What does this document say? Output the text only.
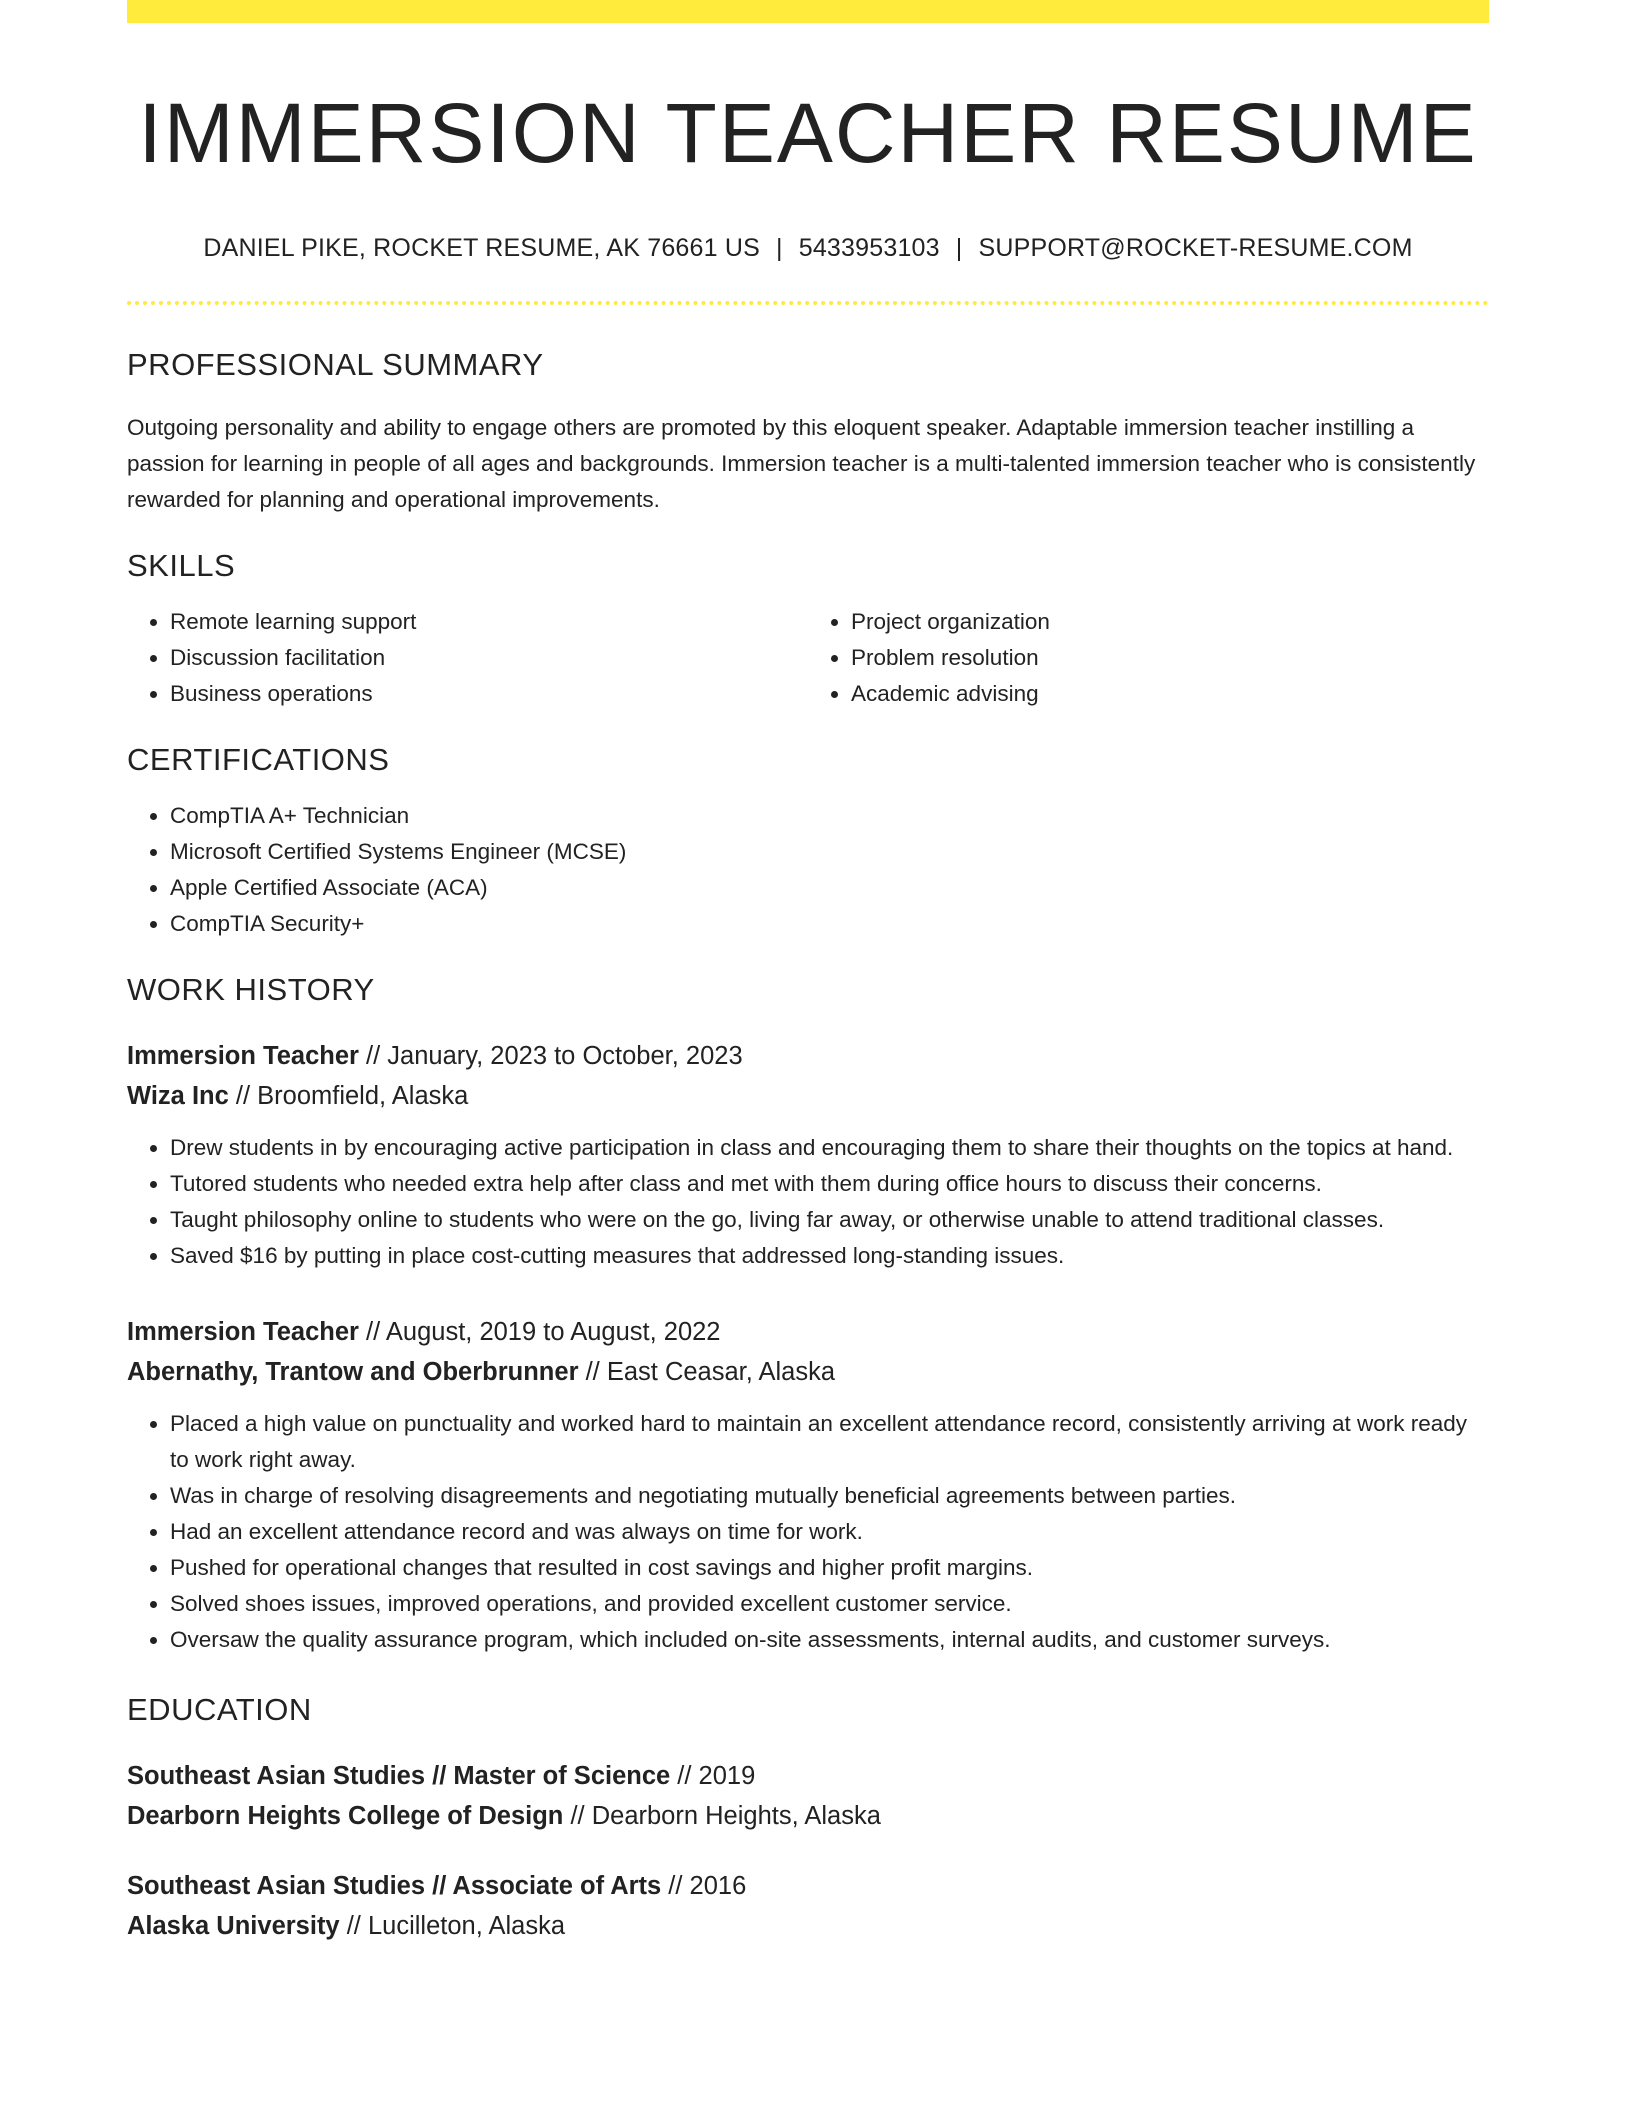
IMMERSION TEACHER RESUME
DANIEL PIKE, ROCKET RESUME, AK 76661 US | 5433953103 | SUPPORT@ROCKET-RESUME.COM
PROFESSIONAL SUMMARY
Outgoing personality and ability to engage others are promoted by this eloquent speaker. Adaptable immersion teacher instilling a passion for learning in people of all ages and backgrounds. Immersion teacher is a multi-talented immersion teacher who is consistently rewarded for planning and operational improvements.
SKILLS
• Remote learning support
• Discussion facilitation
• Business operations
• Project organization
• Problem resolution
• Academic advising
CERTIFICATIONS
• CompTIA A+ Technician
• Microsoft Certified Systems Engineer (MCSE)
• Apple Certified Associate (ACA)
• CompTIA Security+
WORK HISTORY
Immersion Teacher // January, 2023 to October, 2023
Wiza Inc // Broomfield, Alaska
• Drew students in by encouraging active participation in class and encouraging them to share their thoughts on the topics at hand.
• Tutored students who needed extra help after class and met with them during office hours to discuss their concerns.
• Taught philosophy online to students who were on the go, living far away, or otherwise unable to attend traditional classes.
• Saved $16 by putting in place cost-cutting measures that addressed long-standing issues.
Immersion Teacher // August, 2019 to August, 2022
Abernathy, Trantow and Oberbrunner // East Ceasar, Alaska
• Placed a high value on punctuality and worked hard to maintain an excellent attendance record, consistently arriving at work ready to work right away.
• Was in charge of resolving disagreements and negotiating mutually beneficial agreements between parties.
• Had an excellent attendance record and was always on time for work.
• Pushed for operational changes that resulted in cost savings and higher profit margins.
• Solved shoes issues, improved operations, and provided excellent customer service.
• Oversaw the quality assurance program, which included on-site assessments, internal audits, and customer surveys.
EDUCATION
Southeast Asian Studies // Master of Science // 2019
Dearborn Heights College of Design // Dearborn Heights, Alaska
Southeast Asian Studies // Associate of Arts // 2016
Alaska University // Lucilleton, Alaska
